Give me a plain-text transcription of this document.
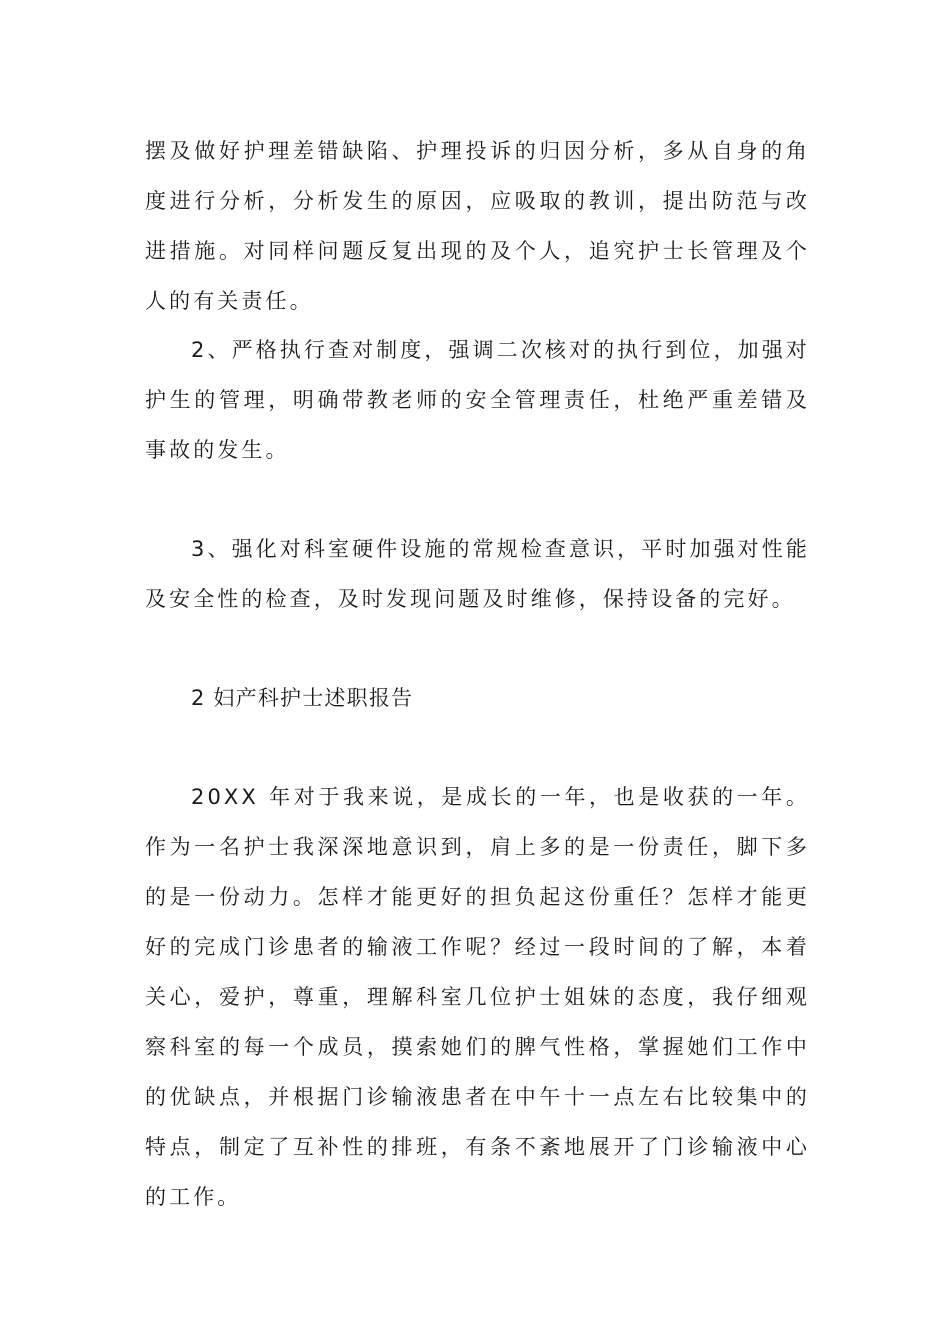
摆及做好护理差错缺陷、护理投诉的归因分析，多从自身的角度进行分析，分析发生的原因，应吸取的教训，提出防范与改进措施。对同样问题反复出现的及个人，追究护士长管理及个人的有关责任。

2、严格执行查对制度，强调二次核对的执行到位，加强对护生的管理，明确带教老师的安全管理责任，杜绝严重差错及事故的发生。

3、强化对科室硬件设施的常规检查意识，平时加强对性能及安全性的检查，及时发现问题及时维修，保持设备的完好。

2 妇产科护士述职报告

20XX 年对于我来说，是成长的一年，也是收获的一年。作为一名护士我深深地意识到，肩上多的是一份责任，脚下多的是一份动力。怎样才能更好的担负起这份重任？怎样才能更好的完成门诊患者的输液工作呢？经过一段时间的了解，本着关心，爱护，尊重，理解科室几位护士姐妹的态度，我仔细观察科室的每一个成员，摸索她们的脾气性格，掌握她们工作中的优缺点，并根据门诊输液患者在中午十一点左右比较集中的特点，制定了互补性的排班，有条不紊地展开了门诊输液中心的工作。
